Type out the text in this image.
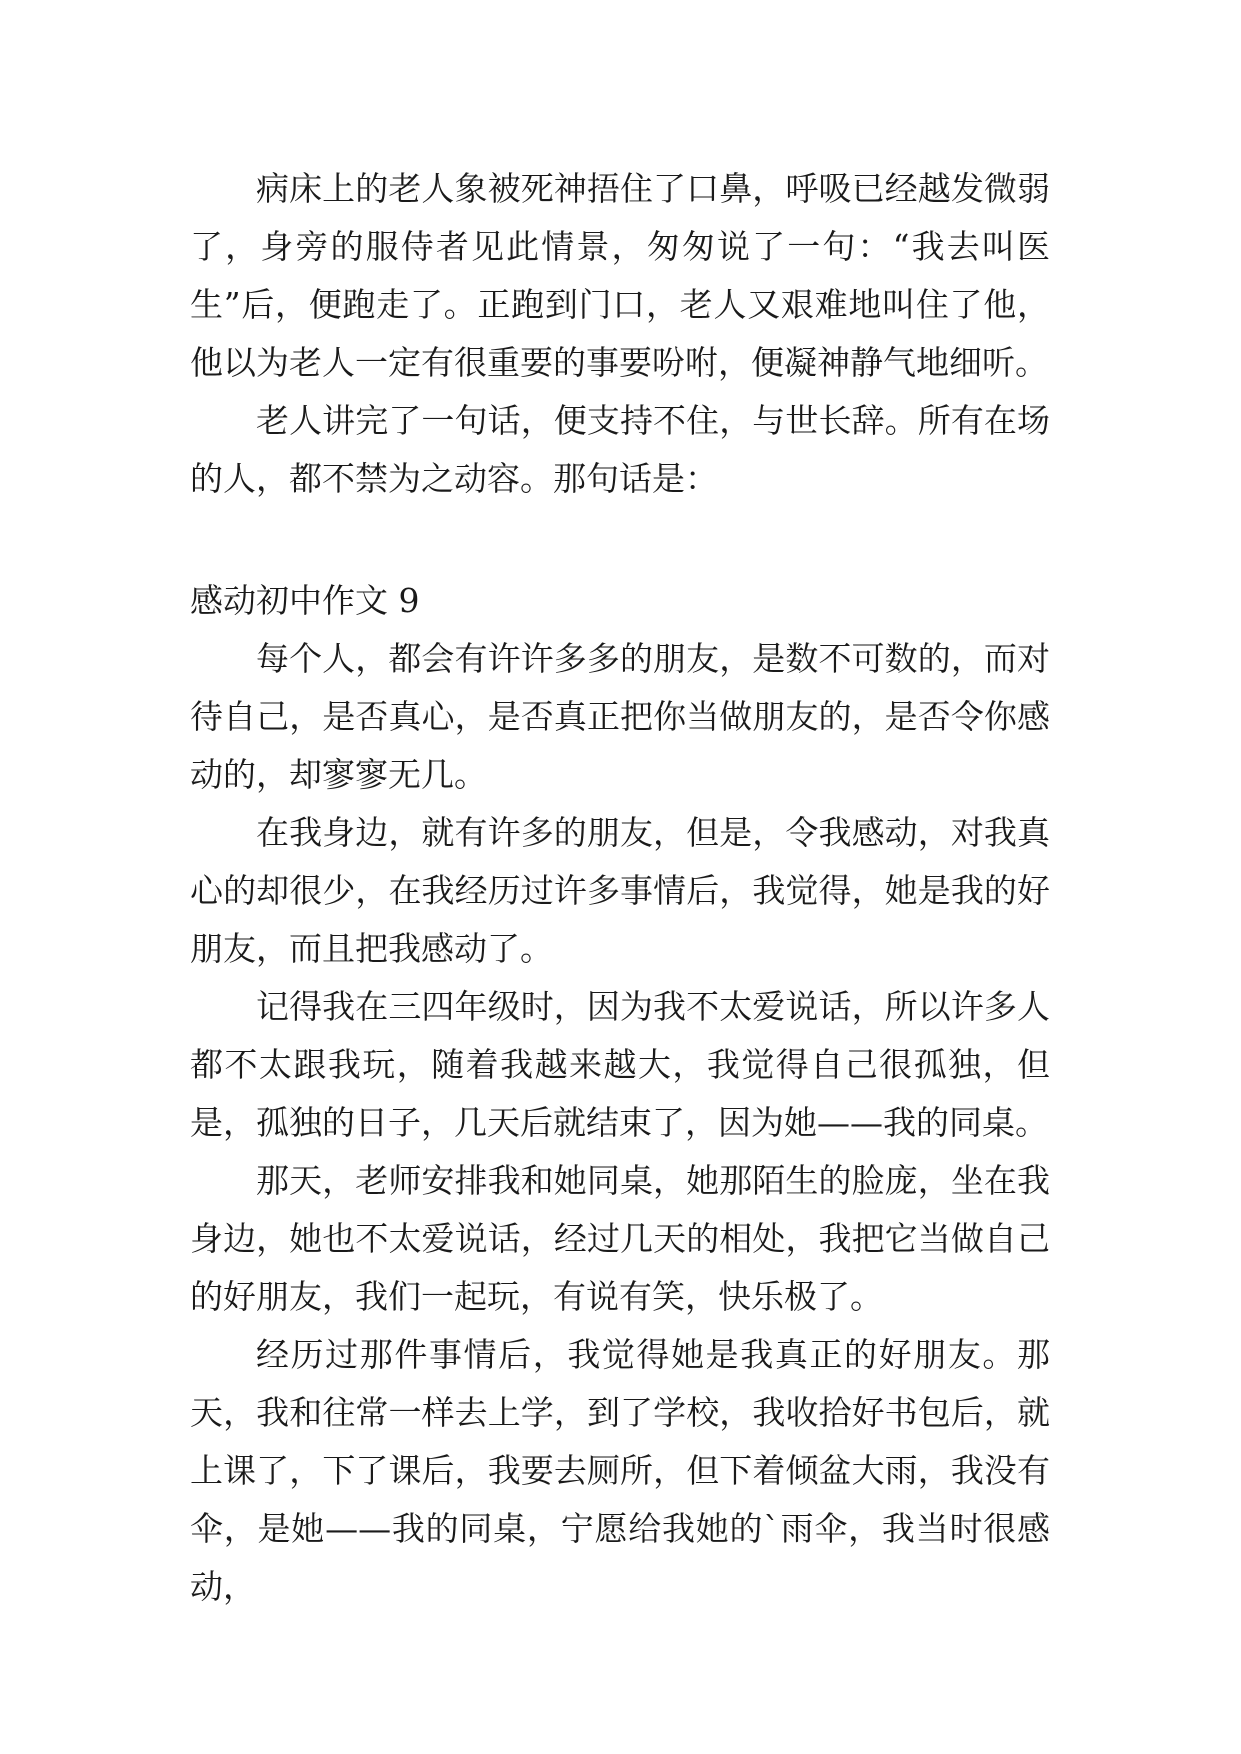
病床上的老人象被死神捂住了口鼻，呼吸已经越发微弱了，身旁的服侍者见此情景，匆匆说了一句：“我去叫医生”后，便跑走了。正跑到门口，老人又艰难地叫住了他，他以为老人一定有很重要的事要吩咐，便凝神静气地细听。

老人讲完了一句话，便支持不住，与世长辞。所有在场的人，都不禁为之动容。那句话是：

感动初中作文 9

每个人，都会有许许多多的朋友，是数不可数的，而对待自己，是否真心，是否真正把你当做朋友的，是否令你感动的，却寥寥无几。

在我身边，就有许多的朋友，但是，令我感动，对我真心的却很少，在我经历过许多事情后，我觉得，她是我的好朋友，而且把我感动了。

记得我在三四年级时，因为我不太爱说话，所以许多人都不太跟我玩，随着我越来越大，我觉得自己很孤独，但是，孤独的日子，几天后就结束了，因为她——我的同桌。

那天，老师安排我和她同桌，她那陌生的脸庞，坐在我身边，她也不太爱说话，经过几天的相处，我把它当做自己的好朋友，我们一起玩，有说有笑，快乐极了。

经历过那件事情后，我觉得她是我真正的好朋友。那天，我和往常一样去上学，到了学校，我收拾好书包后，就上课了，下了课后，我要去厕所，但下着倾盆大雨，我没有伞，是她——我的同桌，宁愿给我她的`雨伞，我当时很感动，
